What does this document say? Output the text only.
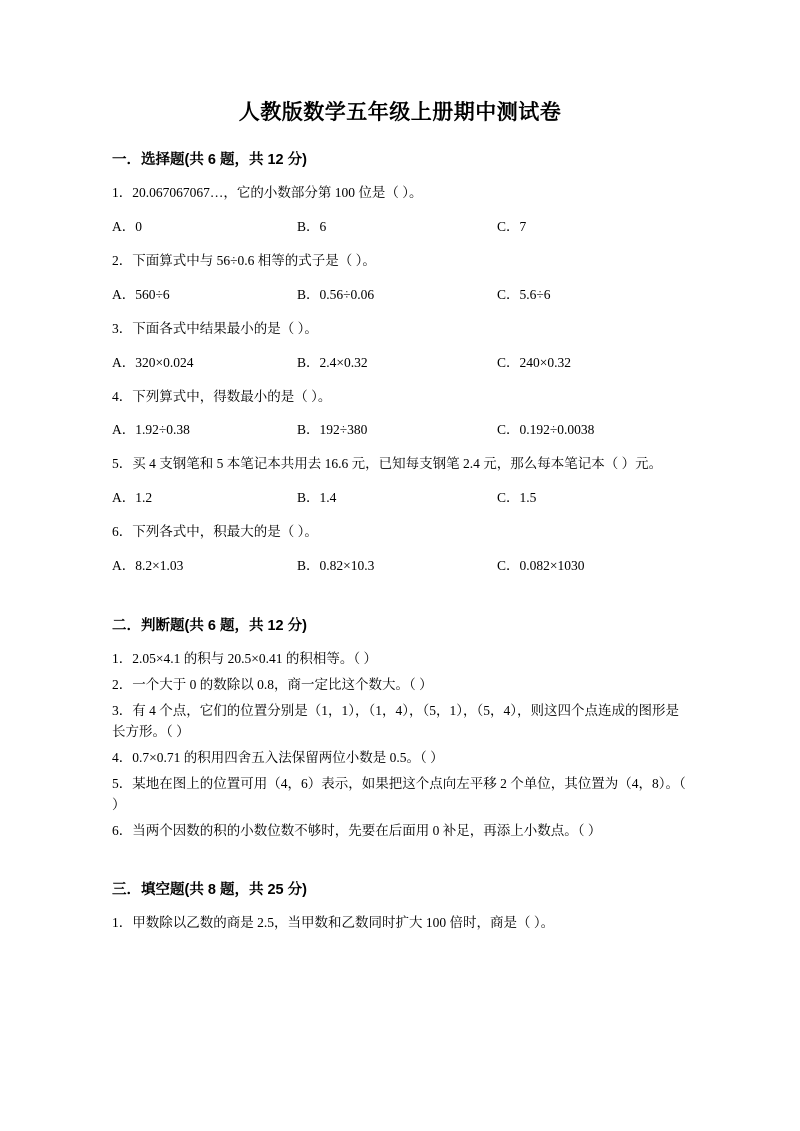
人教版数学五年级上册期中测试卷
一．选择题(共 6 题，共 12 分)
1．20.067067067…，它的小数部分第 100 位是（ ）。
A．0	B．6	C．7
2．下面算式中与 56÷0.6 相等的式子是（ ）。
A．560÷6	B．0.56÷0.06	C．5.6÷6
3．下面各式中结果最小的是（ ）。
A．320×0.024	B．2.4×0.32	C．240×0.32
4．下列算式中，得数最小的是（ ）。
A．1.92÷0.38	B．192÷380	C．0.192÷0.0038
5．买 4 支钢笔和 5 本笔记本共用去 16.6 元，已知每支钢笔 2.4 元，那么每本笔记本（ ）元。
A．1.2	B．1.4	C．1.5
6．下列各式中，积最大的是（ ）。
A．8.2×1.03	B．0.82×10.3	C．0.082×1030
二．判断题(共 6 题，共 12 分)
1．2.05×4.1 的积与 20.5×0.41 的积相等。（ ）
2．一个大于 0 的数除以 0.8，商一定比这个数大。（ ）
3．有 4 个点，它们的位置分别是（1，1），（1，4），（5，1），（5，4），则这四个点连成的图形是长方形。（ ）
4．0.7×0.71 的积用四舍五入法保留两位小数是 0.5。（ ）
5．某地在图上的位置可用（4，6）表示，如果把这个点向左平移 2 个单位，其位置为（4，8）。（ ）
6．当两个因数的积的小数位数不够时，先要在后面用 0 补足，再添上小数点。（ ）
三．填空题(共 8 题，共 25 分)
1．甲数除以乙数的商是 2.5，当甲数和乙数同时扩大 100 倍时，商是（ ）。
